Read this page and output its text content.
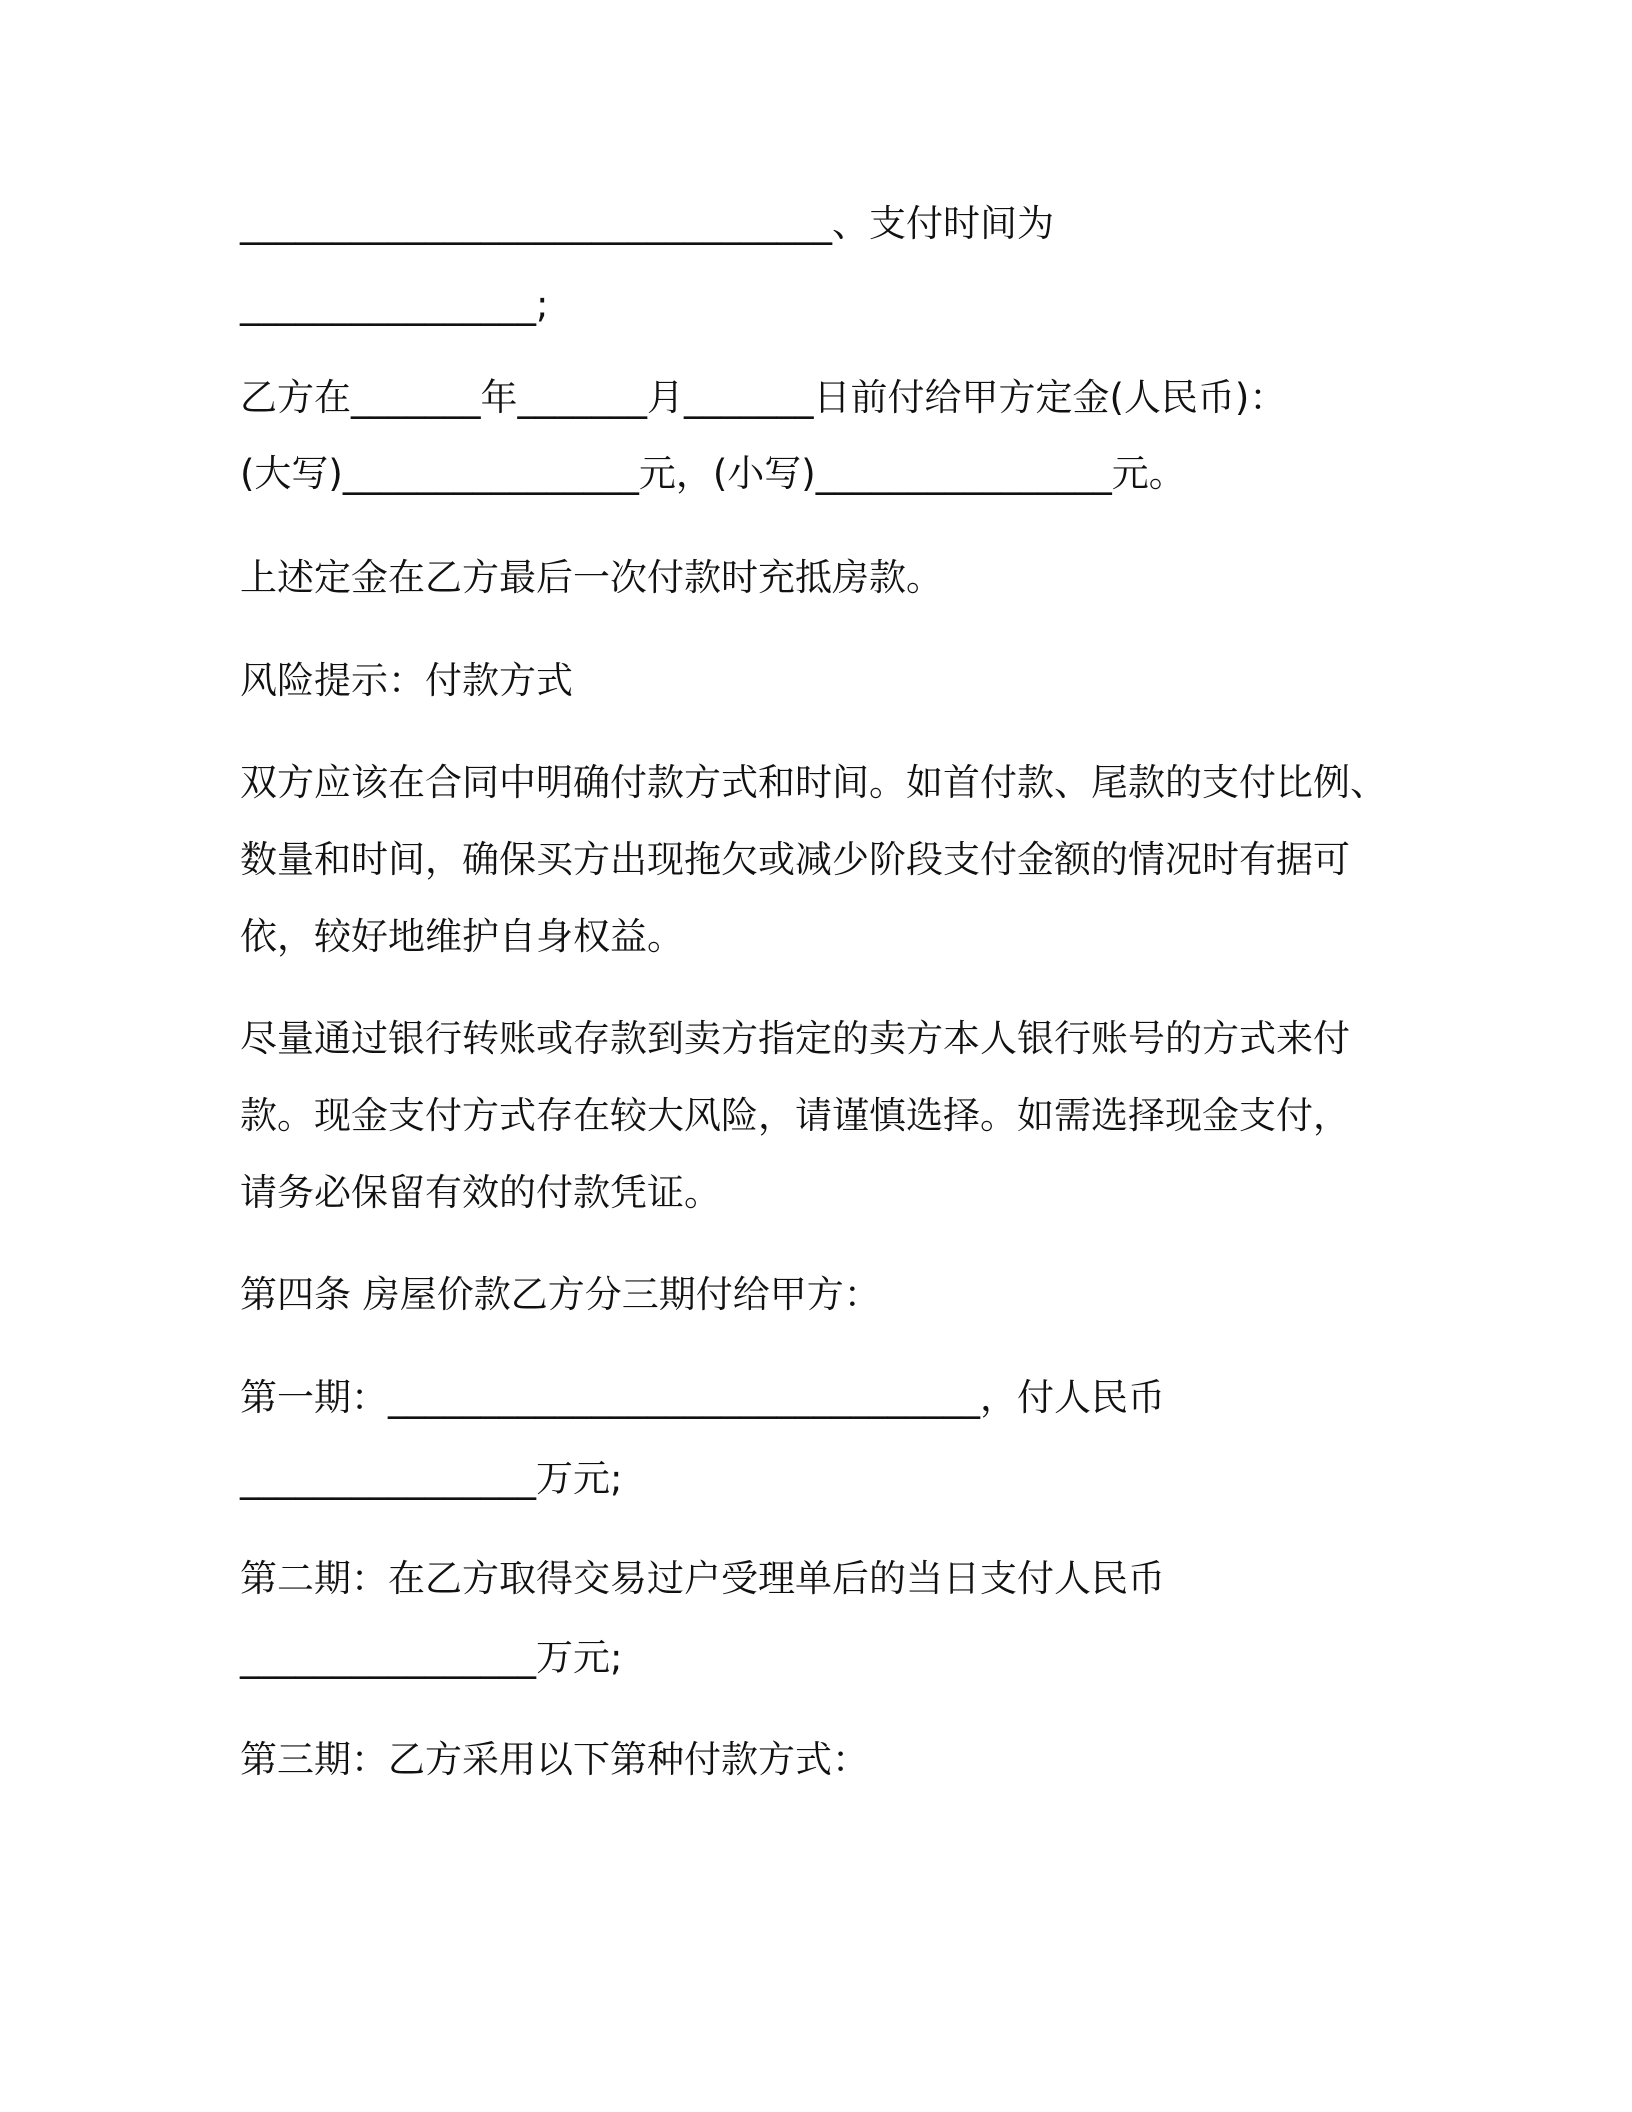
________________________________、支付时间为
________________;
乙方在_______年_______月_______日前付给甲方定金(人民币)：
(大写)________________元，(小写)________________元。
上述定金在乙方最后一次付款时充抵房款。
风险提示：付款方式
双方应该在合同中明确付款方式和时间。如首付款、尾款的支付比例、
数量和时间，确保买方出现拖欠或减少阶段支付金额的情况时有据可
依，较好地维护自身权益。
尽量通过银行转账或存款到卖方指定的卖方本人银行账号的方式来付
款。现金支付方式存在较大风险，请谨慎选择。如需选择现金支付，
请务必保留有效的付款凭证。
第四条 房屋价款乙方分三期付给甲方：
第一期：________________________________，付人民币
________________万元;
第二期：在乙方取得交易过户受理单后的当日支付人民币
________________万元;
第三期：乙方采用以下第种付款方式：
